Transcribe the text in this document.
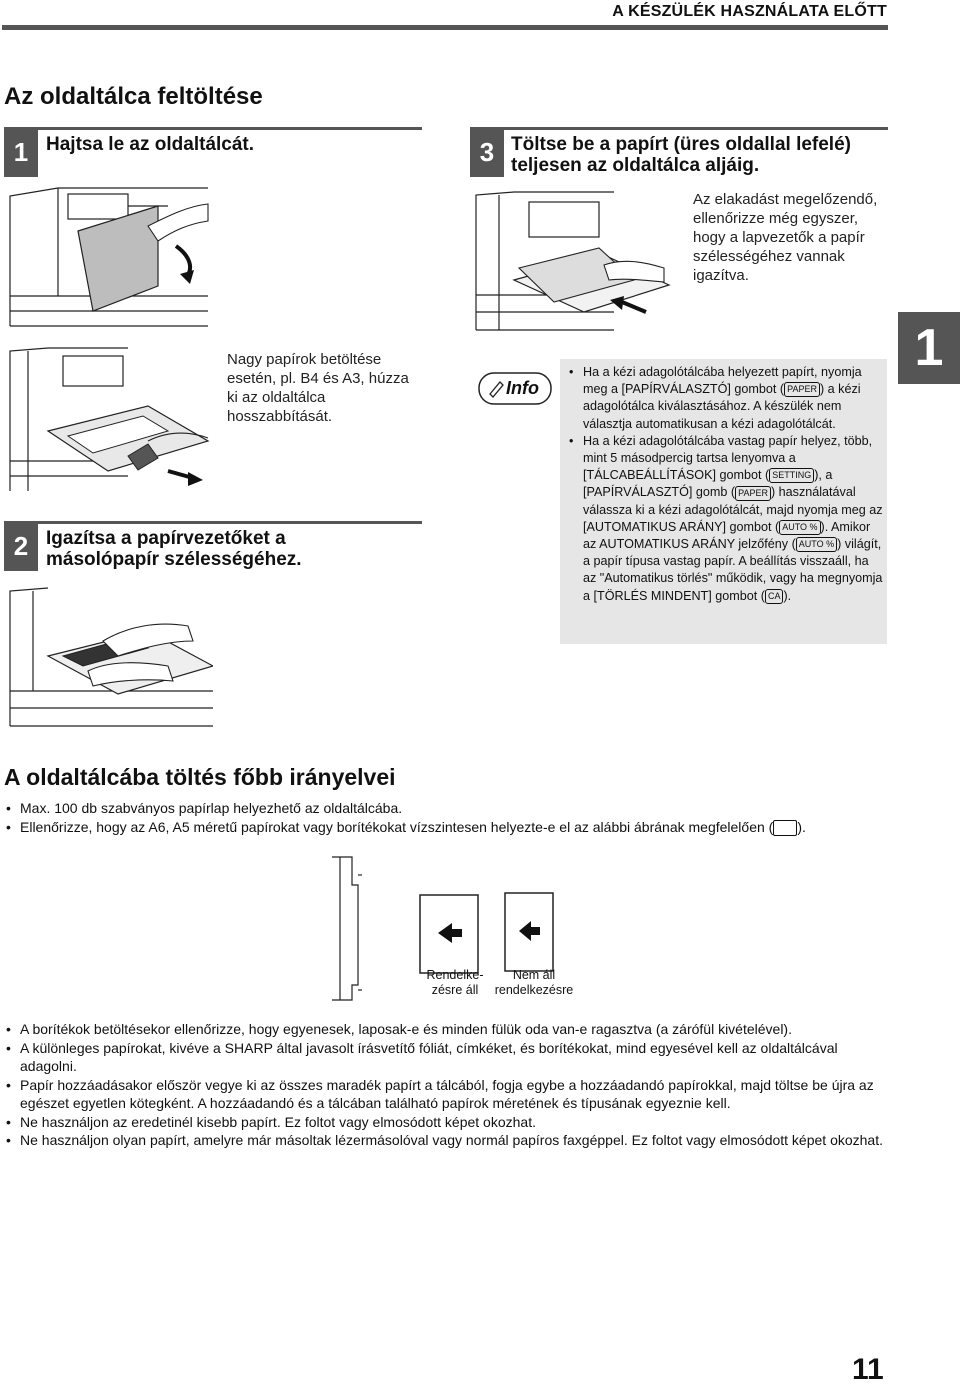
A KÉSZÜLÉK HASZNÁLATA ELŐTT
Az oldaltálca feltöltése
1 Hajtsa le az oldaltálcát.
Nagy papírok betöltése
esetén, pl. B4 és A3, húzza
ki az oldaltálca
hosszabbítását.
2 Igazítsa a papírvezetőket a
másolópapír szélességéhez.
3 Töltse be a papírt (üres oldallal lefelé)
teljesen az oldaltálca aljáig.
Az elakadást megelőzendő,
ellenőrizze még egyszer,
hogy a lapvezetők a papír
szélességéhez vannak
igazítva.
1
Info
• Ha a kézi adagolótálcába helyezett papírt, nyomja meg a [PAPÍRVÁLASZTÓ] gombot ( PAPER ) a kézi adagolótálca kiválasztásához. A készülék nem választja automatikusan a kézi adagolótálcát.
• Ha a kézi adagolótálcába vastag papír helyez, több, mint 5 másodpercig tartsa lenyomva a [TÁLCABEÁLLÍTÁSOK] gombot ( SETTING ), a [PAPÍRVÁLASZTÓ] gomb ( PAPER ) használatával válassza ki a kézi adagolótálcát, majd nyomja meg az [AUTOMATIKUS ARÁNY] gombot ( AUTO % ). Amikor az AUTOMATIKUS ARÁNY jelzőfény ( AUTO % ) világít, a papír típusa vastag papír. A beállítás visszaáll, ha az "Automatikus törlés" működik, vagy ha megnyomja a [TÖRLÉS MINDENT] gombot ( CA ).
A oldaltálcába töltés főbb irányelvei
• Max. 100 db szabványos papírlap helyezhető az oldaltálcába.
• Ellenőrizze, hogy az A6, A5 méretű papírokat vagy borítékokat vízszintesen helyezte-e el az alábbi ábrának megfelelően ( ).
Rendelke-
zésre áll
Nem áll
rendelkezésre
• A borítékok betöltésekor ellenőrizze, hogy egyenesek, laposak-e és minden fülük oda van-e ragasztva (a zárófül kivételével).
• A különleges papírokat, kivéve a SHARP által javasolt írásvetítő fóliát, címkéket, és borítékokat, mind egyesével kell az oldaltálcával adagolni.
• Papír hozzáadásakor először vegye ki az összes maradék papírt a tálcából, fogja egybe a hozzáadandó papírokkal, majd töltse be újra az egészet egyetlen kötegként. A hozzáadandó és a tálcában található papírok méretének és típusának egyeznie kell.
• Ne használjon az eredetinél kisebb papírt. Ez foltot vagy elmosódott képet okozhat.
• Ne használjon olyan papírt, amelyre már másoltak lézermásolóval vagy normál papíros faxgéppel. Ez foltot vagy elmosódott képet okozhat.
11
